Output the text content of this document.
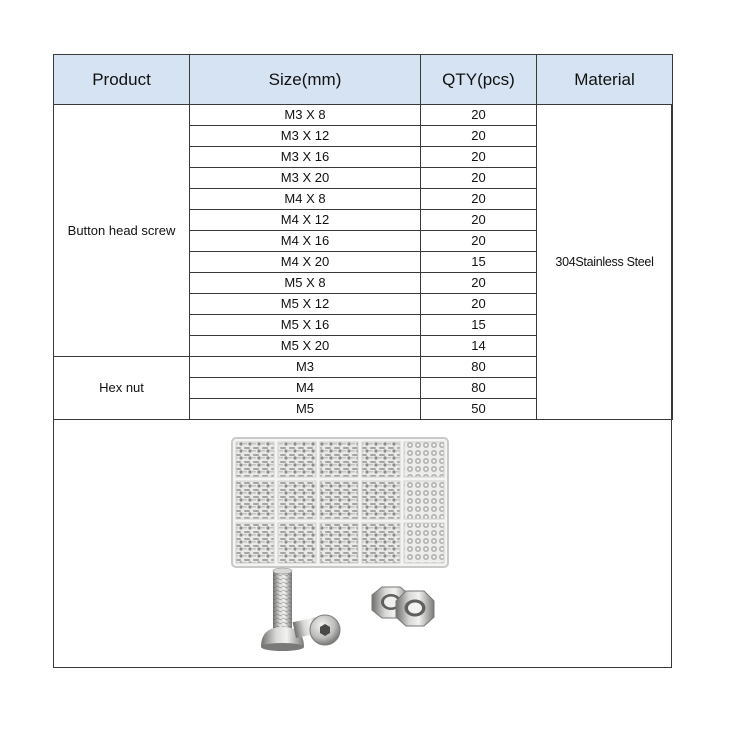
Product	Size(mm)	QTY(pcs)	Material
Button head screw	M3 X 8	20	304Stainless Steel
	M3 X 12	20	
	M3 X 16	20	
	M3 X 20	20	
	M4 X 8	20	
	M4 X 12	20	
	M4 X 16	20	
	M4 X 20	15	
	M5 X 8	20	
	M5 X 12	20	
	M5 X 16	15	
	M5 X 20	14	
Hex nut	M3	80	
	M4	80	
	M5	50	
